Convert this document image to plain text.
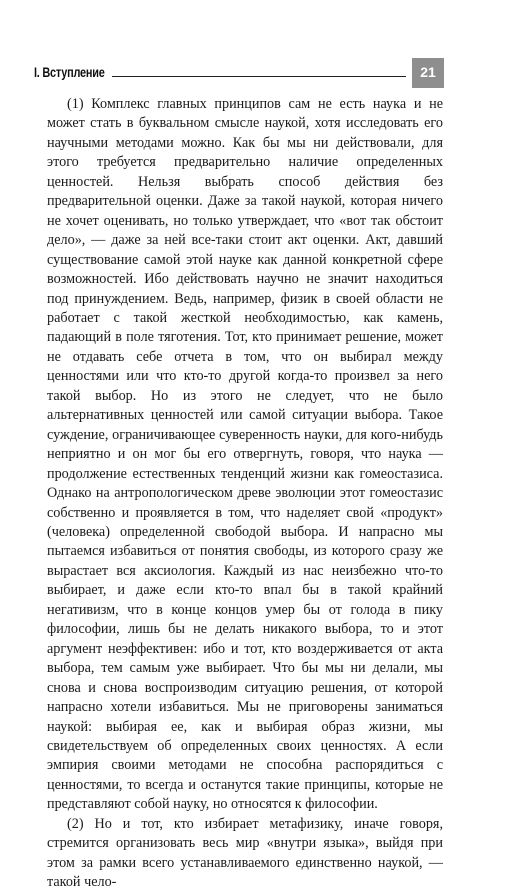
I. Вступление	21

(1) Комплекс главных принципов сам не есть наука и не может стать в буквальном смысле наукой, хотя исследовать его научными методами можно. Как бы мы ни действовали, для этого требуется предварительно наличие определенных ценностей. Нельзя выбрать способ действия без предварительной оценки. Даже за такой наукой, которая ничего не хочет оценивать, но только утверждает, что «вот так обстоит дело», — даже за ней все-таки стоит акт оценки. Акт, давший существование самой этой науке как данной конкретной сфере возможностей. Ибо действовать научно не значит находиться под принуждением. Ведь, например, физик в своей области не работает с такой жесткой необходимостью, как камень, падающий в поле тяготения. Тот, кто принимает решение, может не отдавать себе отчета в том, что он выбирал между ценностями или что кто-то другой когда-то произвел за него такой выбор. Но из этого не следует, что не было альтернативных ценностей или самой ситуации выбора. Такое суждение, ограничивающее суверенность науки, для кого-нибудь неприятно и он мог бы его отвергнуть, говоря, что наука — продолжение естественных тенденций жизни как гомеостазиса. Однако на антропологическом древе эволюции этот гомеостазис собственно и проявляется в том, что наделяет свой «продукт» (человека) определенной свободой выбора. И напрасно мы пытаемся избавиться от понятия свободы, из которого сразу же вырастает вся аксиология. Каждый из нас неизбежно что-то выбирает, и даже если кто-то впал бы в такой крайний негативизм, что в конце концов умер бы от голода в пику философии, лишь бы не делать никакого выбора, то и этот аргумент неэффективен: ибо и тот, кто воздерживается от акта выбора, тем самым уже выбирает. Что бы мы ни делали, мы снова и снова воспроизводим ситуацию решения, от которой напрасно хотели избавиться. Мы не приговорены заниматься наукой: выбирая ее, как и выбирая образ жизни, мы свидетельствуем об определенных своих ценностях. А если эмпирия своими методами не способна распорядиться с ценностями, то всегда и останутся такие принципы, которые не представляют собой науку, но относятся к философии.

(2) Но и тот, кто избирает метафизику, иначе говоря, стремится организовать весь мир «внутри языка», выйдя при этом за рамки всего устанавливаемого единственно наукой, — такой чело-
